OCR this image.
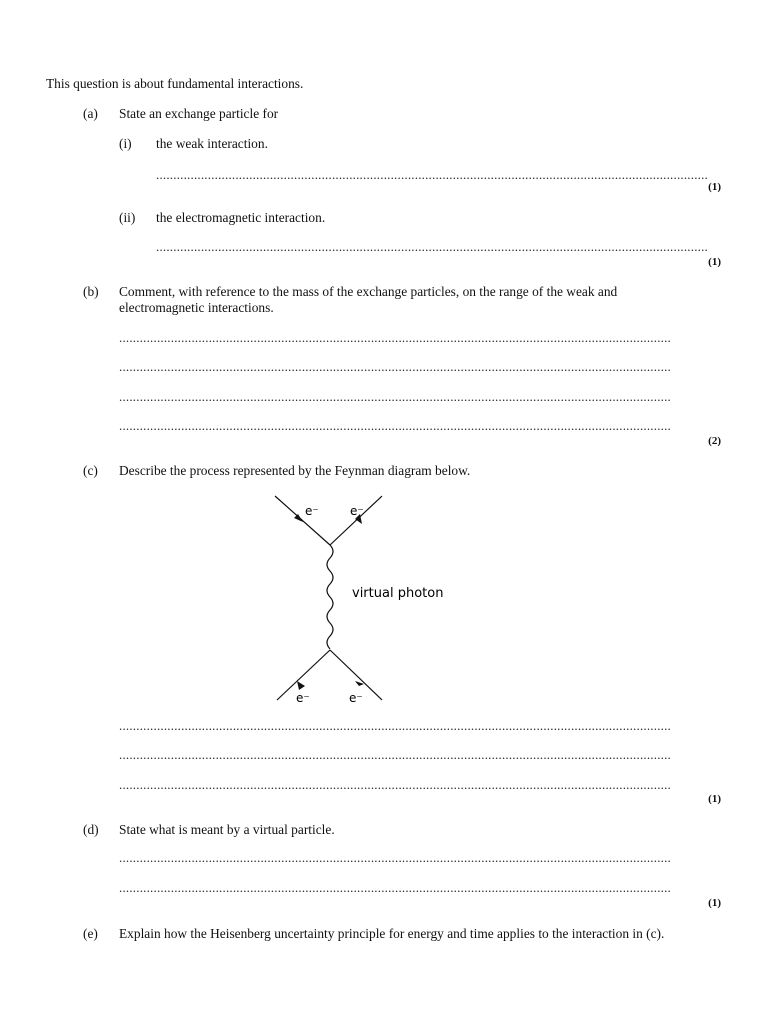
This question is about fundamental interactions.
(a) State an exchange particle for
(i) the weak interaction.
................................................................................................................................................................
(1)
(ii) the electromagnetic interaction.
................................................................................................................................................................
(1)
(b) Comment, with reference to the mass of the exchange particles, on the range of the weak and electromagnetic interactions.
................................................................................................................................................................
................................................................................................................................................................
................................................................................................................................................................
................................................................................................................................................................
(2)
(c) Describe the process represented by the Feynman diagram below.
e⁻	e⁻
e⁻	e⁻
virtual photon
................................................................................................................................................................
................................................................................................................................................................
................................................................................................................................................................
(1)
(d) State what is meant by a virtual particle.
................................................................................................................................................................
................................................................................................................................................................
(1)
(e) Explain how the Heisenberg uncertainty principle for energy and time applies to the interaction in (c).
